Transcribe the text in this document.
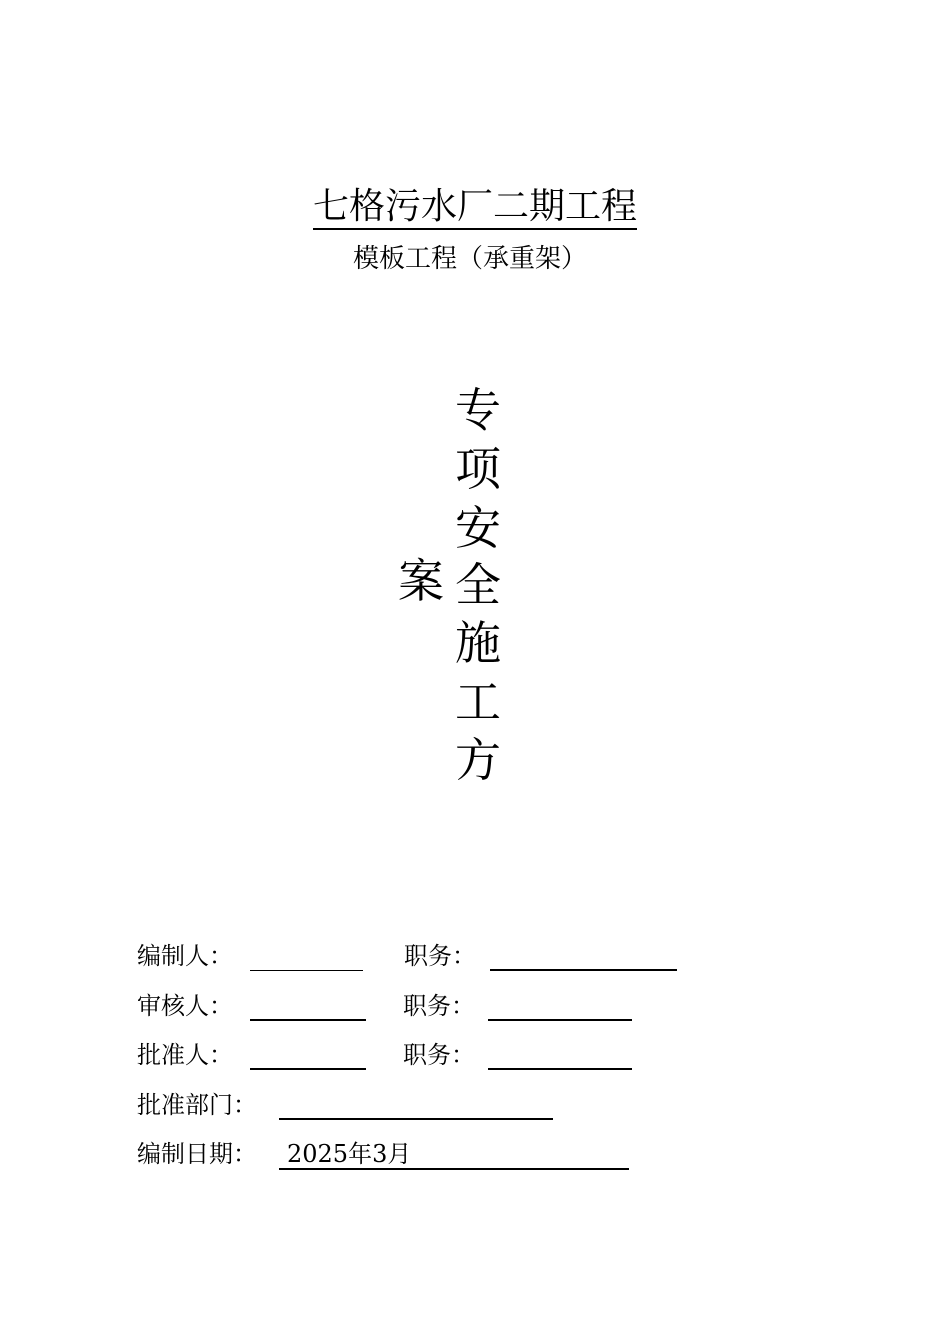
七格污水厂二期工程
模板工程（承重架）
专
项
安
全
施
工
方
案
编制人：	职务：
审核人：	职务：
批准人：	职务：
批准部门：
编制日期：	2025年3月
